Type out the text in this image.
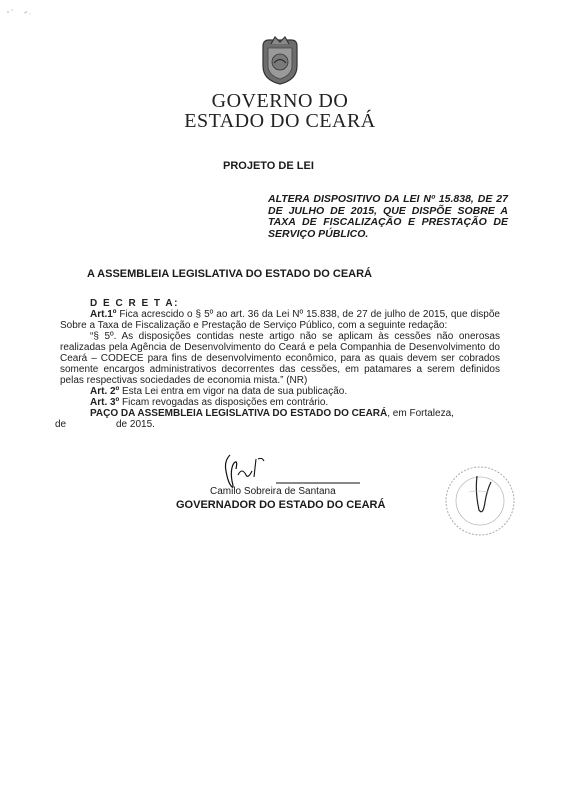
GOVERNO DO
ESTADO DO CEARÁ
PROJETO DE LEI
ALTERA DISPOSITIVO DA LEI Nº 15.838, DE 27 DE JULHO DE 2015, QUE DISPÕE SOBRE A TAXA DE FISCALIZAÇÃO E PRESTAÇÃO DE SERVIÇO PÚBLICO.
A ASSEMBLEIA LEGISLATIVA DO ESTADO DO CEARÁ

D E C R E T A:

Art.1º Fica acrescido o § 5º ao art. 36 da Lei Nº 15.838, de 27 de julho de 2015, que dispõe Sobre a Taxa de Fiscalização e Prestação de Serviço Público, com a seguinte redação:

“§ 5º. As disposições contidas neste artigo não se aplicam às cessões não onerosas realizadas pela Agência de Desenvolvimento do Ceará e pela Companhia de Desenvolvimento do Ceará – CODECE para fins de desenvolvimento econômico, para as quais devem ser cobrados somente encargos administrativos decorrentes das cessões, em patamares a serem definidos pelas respectivas sociedades de economia mista.” (NR)

Art. 2º Esta Lei entra em vigor na data de sua publicação.

Art. 3º Ficam revogadas as disposições em contrário.

PAÇO DA ASSEMBLEIA LEGISLATIVA DO ESTADO DO CEARÁ, em Fortaleza,

de	de 2015.
Camilo Sobreira de Santana
GOVERNADOR DO ESTADO DO CEARÁ
